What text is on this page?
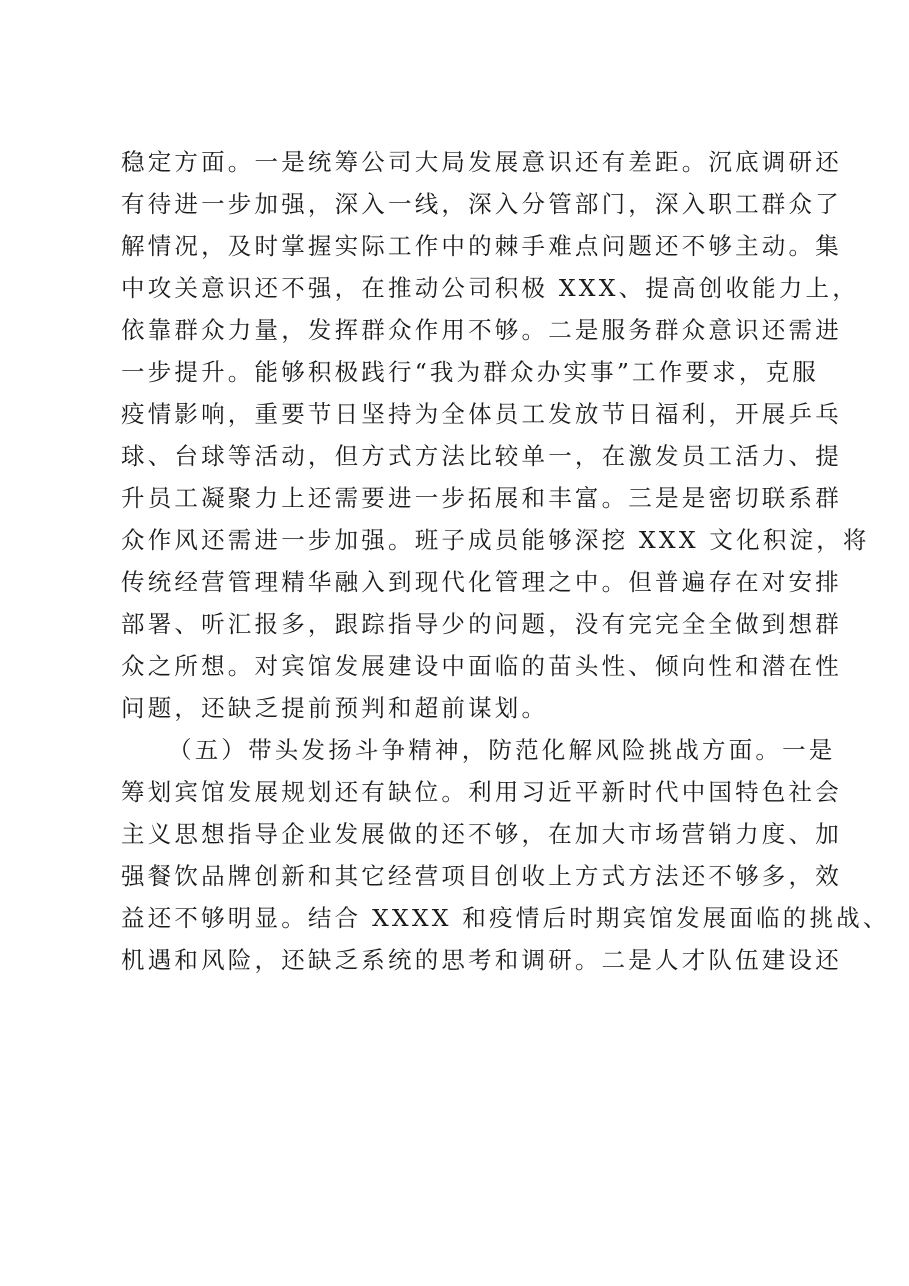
稳定方面。一是统筹公司大局发展意识还有差距。沉底调研还
有待进一步加强，深入一线，深入分管部门，深入职工群众了
解情况，及时掌握实际工作中的棘手难点问题还不够主动。集
中攻关意识还不强，在推动公司积极 XXX、提高创收能力上，
依靠群众力量，发挥群众作用不够。二是服务群众意识还需进
一步提升。能够积极践行“我为群众办实事”工作要求，克服
疫情影响，重要节日坚持为全体员工发放节日福利，开展乒乓
球、台球等活动，但方式方法比较单一，在激发员工活力、提
升员工凝聚力上还需要进一步拓展和丰富。三是是密切联系群
众作风还需进一步加强。班子成员能够深挖 XXX 文化积淀，将
传统经营管理精华融入到现代化管理之中。但普遍存在对安排
部署、听汇报多，跟踪指导少的问题，没有完完全全做到想群
众之所想。对宾馆发展建设中面临的苗头性、倾向性和潜在性
问题，还缺乏提前预判和超前谋划。
（五）带头发扬斗争精神，防范化解风险挑战方面。一是
筹划宾馆发展规划还有缺位。利用习近平新时代中国特色社会
主义思想指导企业发展做的还不够，在加大市场营销力度、加
强餐饮品牌创新和其它经营项目创收上方式方法还不够多，效
益还不够明显。结合 XXXX 和疫情后时期宾馆发展面临的挑战、
机遇和风险，还缺乏系统的思考和调研。二是人才队伍建设还
